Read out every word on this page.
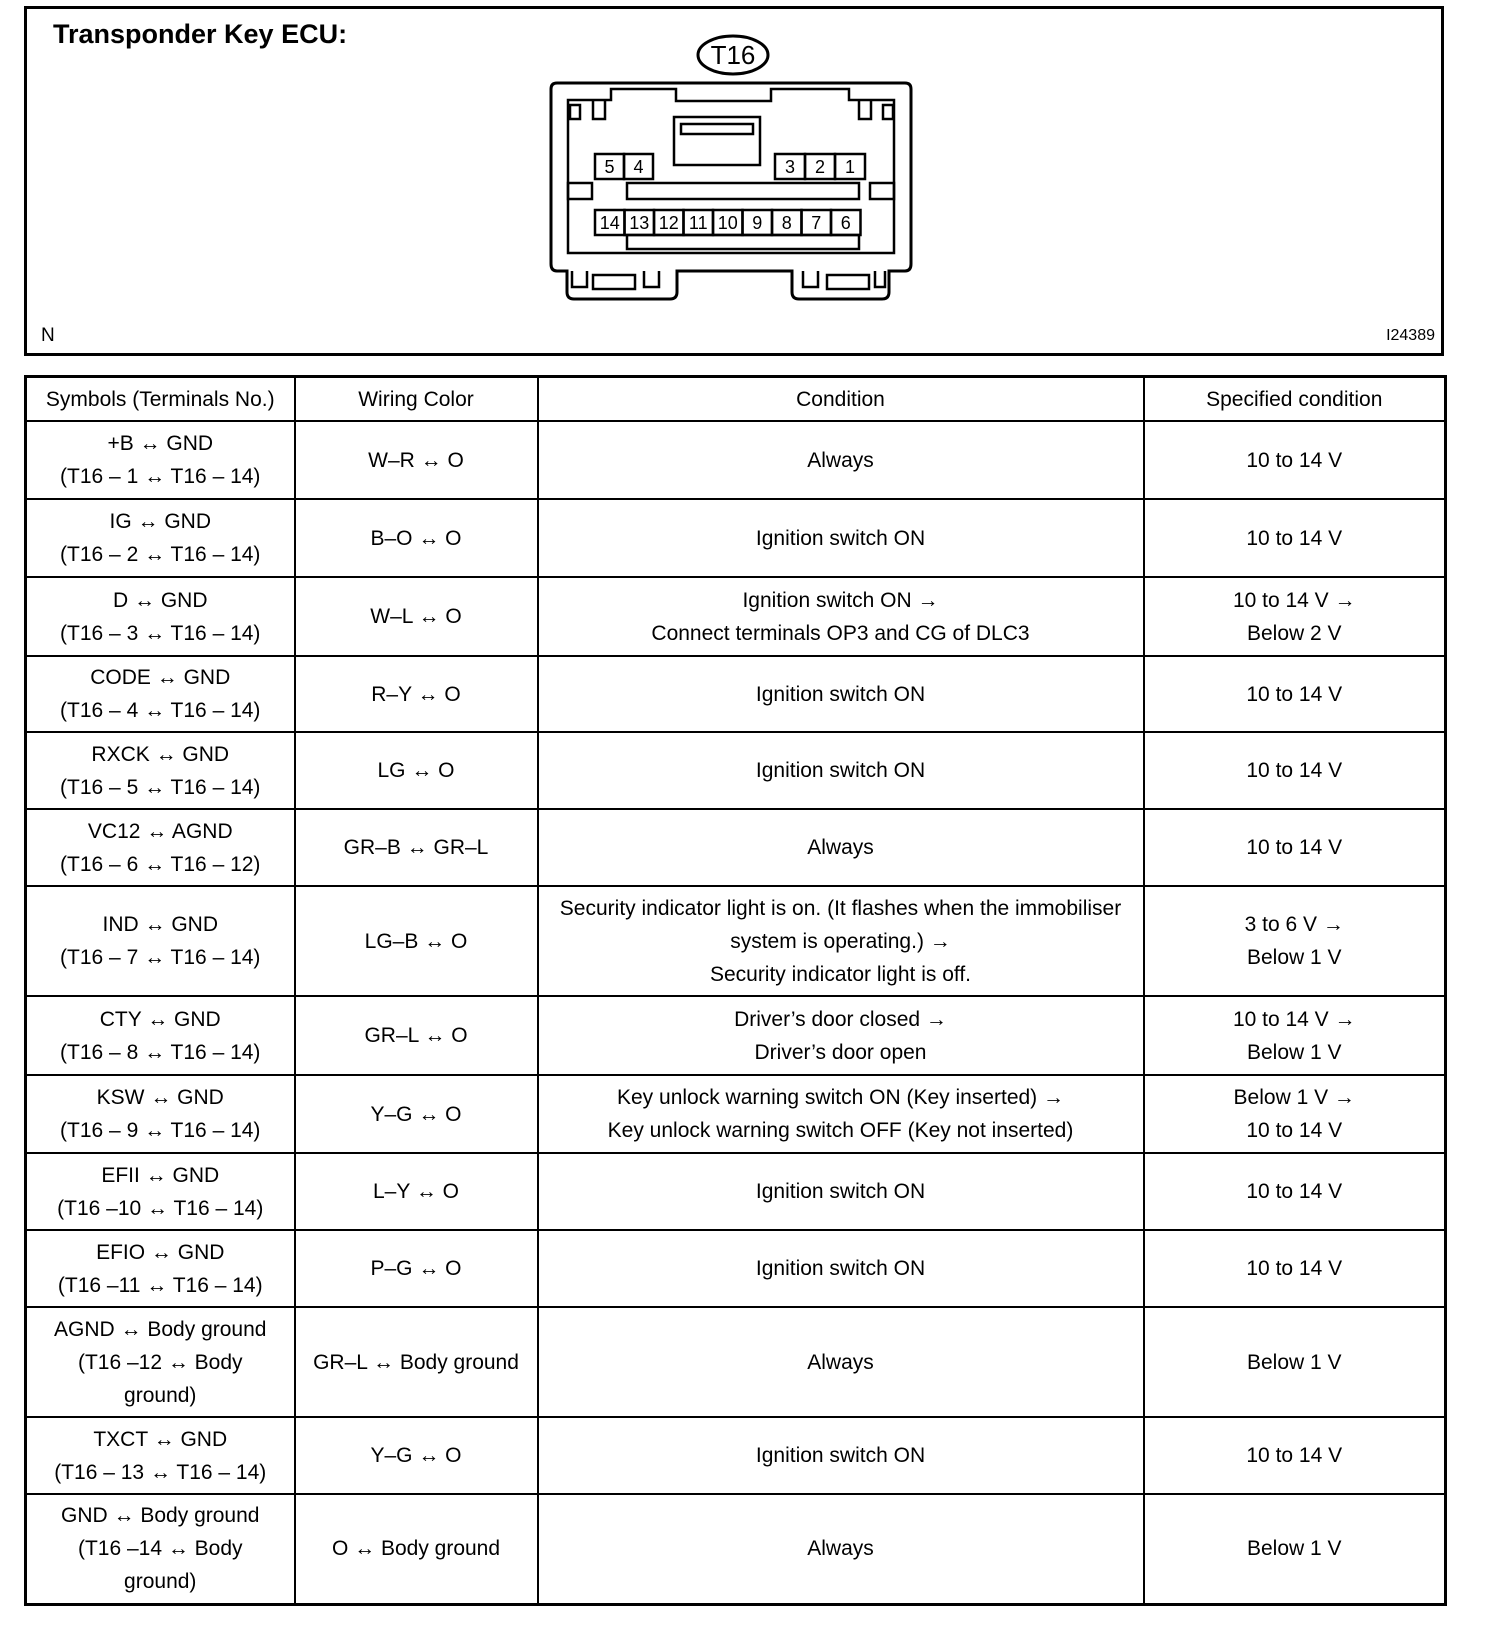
Transponder Key ECU:
T16
5 4	3 2 1
14 13 12 11 10 9 8 7 6
N	I24389
Symbols (Terminals No.)	Wiring Color	Condition	Specified condition

+B ↔ GND
(T16 – 1 ↔ T16 – 14)	W–R ↔ O	Always	10 to 14 V

IG ↔ GND
(T16 – 2 ↔ T16 – 14)	B–O ↔ O	Ignition switch ON	10 to 14 V

D ↔ GND
(T16 – 3 ↔ T16 – 14)	W–L ↔ O	Ignition switch ON →
Connect terminals OP3 and CG of DLC3	10 to 14 V →
Below 2 V

CODE ↔ GND
(T16 – 4 ↔ T16 – 14)	R–Y ↔ O	Ignition switch ON	10 to 14 V

RXCK ↔ GND
(T16 – 5 ↔ T16 – 14)	LG ↔ O	Ignition switch ON	10 to 14 V

VC12 ↔ AGND
(T16 – 6 ↔ T16 – 12)	GR–B ↔ GR–L	Always	10 to 14 V

IND ↔ GND
(T16 – 7 ↔ T16 – 14)	LG–B ↔ O	Security indicator light is on. (It flashes when the immobiliser
system is operating.) →
Security indicator light is off.	3 to 6 V →
Below 1 V

CTY ↔ GND
(T16 – 8 ↔ T16 – 14)	GR–L ↔ O	Driver’s door closed →
Driver’s door open	10 to 14 V →
Below 1 V

KSW ↔ GND
(T16 – 9 ↔ T16 – 14)	Y–G ↔ O	Key unlock warning switch ON (Key inserted) →
Key unlock warning switch OFF (Key not inserted)	Below 1 V →
10 to 14 V

EFII ↔ GND
(T16 –10 ↔ T16 – 14)	L–Y ↔ O	Ignition switch ON	10 to 14 V

EFIO ↔ GND
(T16 –11 ↔ T16 – 14)	P–G ↔ O	Ignition switch ON	10 to 14 V

AGND ↔ Body ground
(T16 –12 ↔ Body
ground)	GR–L ↔ Body ground	Always	Below 1 V

TXCT ↔ GND
(T16 – 13 ↔ T16 – 14)	Y–G ↔ O	Ignition switch ON	10 to 14 V

GND ↔ Body ground
(T16 –14 ↔ Body
ground)	O ↔ Body ground	Always	Below 1 V
